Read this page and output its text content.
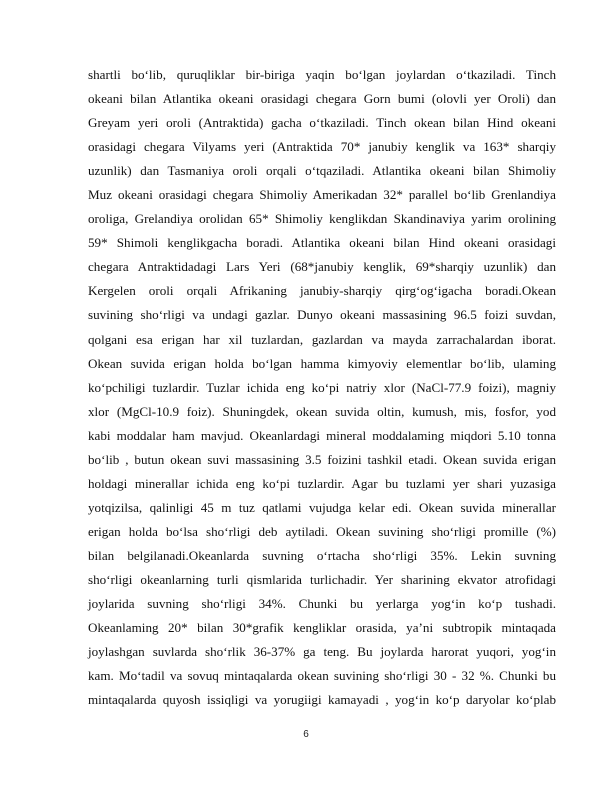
shartli boʻlib, quruqliklar bir-biriga yaqin boʻlgan joylardan oʻtkaziladi. Tinch
okeani bilan Atlantika okeani orasidagi chegara Gorn bumi (olovli yer Oroli) dan
Greyam yeri oroli (Antraktida) gacha oʻtkaziladi. Tinch okean bilan Hind okeani
orasidagi chegara Vilyams yeri (Antraktida 70* janubiy kenglik va 163* sharqiy
uzunlik) dan Tasmaniya oroli orqali oʻtqaziladi. Atlantika okeani bilan Shimoliy
Muz okeani orasidagi chegara Shimoliy Amerikadan 32* parallel boʻlib Grenlandiya
oroliga, Grelandiya orolidan 65* Shimoliy kenglikdan Skandinaviya yarim orolining
59* Shimoli kenglikgacha boradi. Atlantika okeani bilan Hind okeani orasidagi
chegara Antraktidadagi Lars Yeri (68*janubiy kenglik, 69*sharqiy uzunlik) dan
Kergelen oroli orqali Afrikaning janubiy-sharqiy qirgʻogʻigacha boradi.Okean
suvining shoʻrligi va undagi gazlar. Dunyo okeani massasining 96.5 foizi suvdan,
qolgani esa erigan har xil tuzlardan, gazlardan va mayda zarrachalardan iborat.
Okean suvida erigan holda boʻlgan hamma kimyoviy elementlar boʻlib, ulaming
koʻpchiligi tuzlardir. Tuzlar ichida eng koʻpi natriy xlor (NaCl-77.9 foizi), magniy
xlor (MgCl-10.9 foiz). Shuningdek, okean suvida oltin, kumush, mis, fosfor, yod
kabi moddalar ham mavjud. Okeanlardagi mineral moddalaming miqdori 5.10 tonna
boʻlib , butun okean suvi massasining 3.5 foizini tashkil etadi. Okean suvida erigan
holdagi minerallar ichida eng koʻpi tuzlardir. Agar bu tuzlami yer shari yuzasiga
yotqizilsa, qalinligi 45 m tuz qatlami vujudga kelar edi. Okean suvida minerallar
erigan holda boʻlsa shoʻrligi deb aytiladi. Okean suvining shoʻrligi promille (%)
bilan belgilanadi.Okeanlarda suvning oʻrtacha shoʻrligi 35%. Lekin suvning
shoʻrligi okeanlarning turli qismlarida turlichadir. Yer sharining ekvator atrofidagi
joylarida suvning shoʻrligi 34%. Chunki bu yerlarga yogʻin koʻp tushadi.
Okeanlaming 20* bilan 30*grafik kengliklar orasida, ya’ni subtropik mintaqada
joylashgan suvlarda shoʻrlik 36-37% ga teng. Bu joylarda harorat yuqori, yogʻin
kam. Moʻtadil va sovuq mintaqalarda okean suvining shoʻrligi 30 - 32 %. Chunki bu
mintaqalarda quyosh issiqligi va yorugiigi kamayadi , yogʻin koʻp daryolar koʻplab

6
